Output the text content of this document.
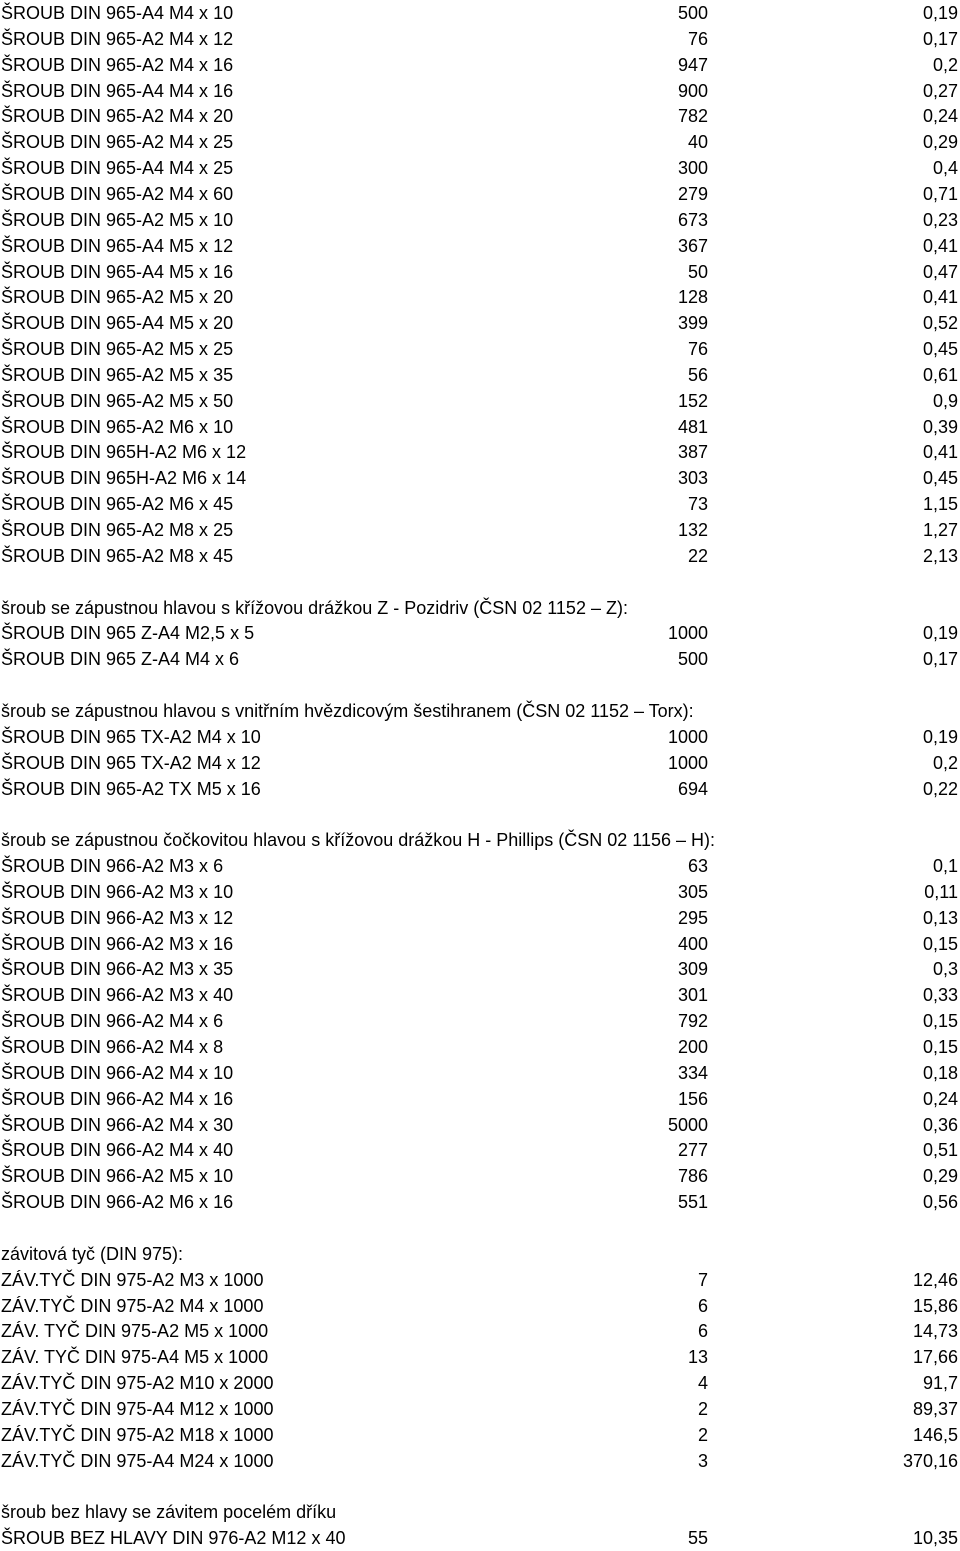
ŠROUB DIN 965-A4 M4 x 10	500	0,19
ŠROUB DIN 965-A2 M4 x 12	76	0,17
ŠROUB DIN 965-A2 M4 x 16	947	0,2
ŠROUB DIN 965-A4 M4 x 16	900	0,27
ŠROUB DIN 965-A2 M4 x 20	782	0,24
ŠROUB DIN 965-A2 M4 x 25	40	0,29
ŠROUB DIN 965-A4 M4 x 25	300	0,4
ŠROUB DIN 965-A2 M4 x 60	279	0,71
ŠROUB DIN 965-A2 M5 x 10	673	0,23
ŠROUB DIN 965-A4 M5 x 12	367	0,41
ŠROUB DIN 965-A4 M5 x 16	50	0,47
ŠROUB DIN 965-A2 M5 x 20	128	0,41
ŠROUB DIN 965-A4 M5 x 20	399	0,52
ŠROUB DIN 965-A2 M5 x 25	76	0,45
ŠROUB DIN 965-A2 M5 x 35	56	0,61
ŠROUB DIN 965-A2 M5 x 50	152	0,9
ŠROUB DIN 965-A2 M6 x 10	481	0,39
ŠROUB DIN 965H-A2 M6 x 12	387	0,41
ŠROUB DIN 965H-A2 M6 x 14	303	0,45
ŠROUB DIN 965-A2 M6 x 45	73	1,15
ŠROUB DIN 965-A2 M8 x 25	132	1,27
ŠROUB DIN 965-A2 M8 x 45	22	2,13
šroub se zápustnou hlavou s křížovou drážkou Z - Pozidriv (ČSN 02 1152 – Z):
ŠROUB DIN 965 Z-A4 M2,5 x 5	1000	0,19
ŠROUB DIN 965 Z-A4 M4 x 6	500	0,17
šroub se zápustnou hlavou s vnitřním hvězdicovým šestihranem (ČSN 02 1152 – Torx):
ŠROUB DIN 965 TX-A2 M4 x 10	1000	0,19
ŠROUB DIN 965 TX-A2 M4 x 12	1000	0,2
ŠROUB DIN 965-A2 TX M5 x 16	694	0,22
šroub se zápustnou čočkovitou hlavou s křížovou drážkou H - Phillips (ČSN 02 1156 – H):
ŠROUB DIN 966-A2 M3 x 6	63	0,1
ŠROUB DIN 966-A2 M3 x 10	305	0,11
ŠROUB DIN 966-A2 M3 x 12	295	0,13
ŠROUB DIN 966-A2 M3 x 16	400	0,15
ŠROUB DIN 966-A2 M3 x 35	309	0,3
ŠROUB DIN 966-A2 M3 x 40	301	0,33
ŠROUB DIN 966-A2 M4 x 6	792	0,15
ŠROUB DIN 966-A2 M4 x 8	200	0,15
ŠROUB DIN 966-A2 M4 x 10	334	0,18
ŠROUB DIN 966-A2 M4 x 16	156	0,24
ŠROUB DIN 966-A2 M4 x 30	5000	0,36
ŠROUB DIN 966-A2 M4 x 40	277	0,51
ŠROUB DIN 966-A2 M5 x 10	786	0,29
ŠROUB DIN 966-A2 M6 x 16	551	0,56
závitová tyč (DIN 975):
ZÁV.TYČ DIN 975-A2 M3 x 1000	7	12,46
ZÁV.TYČ DIN 975-A2 M4 x 1000	6	15,86
ZÁV. TYČ DIN 975-A2 M5 x 1000	6	14,73
ZÁV. TYČ DIN 975-A4 M5 x 1000	13	17,66
ZÁV.TYČ DIN 975-A2 M10 x 2000	4	91,7
ZÁV.TYČ DIN 975-A4 M12 x 1000	2	89,37
ZÁV.TYČ DIN 975-A2 M18 x 1000	2	146,5
ZÁV.TYČ DIN 975-A4 M24 x 1000	3	370,16
šroub bez hlavy se závitem pocelém dříku
ŠROUB BEZ HLAVY DIN 976-A2 M12 x 40	55	10,35
